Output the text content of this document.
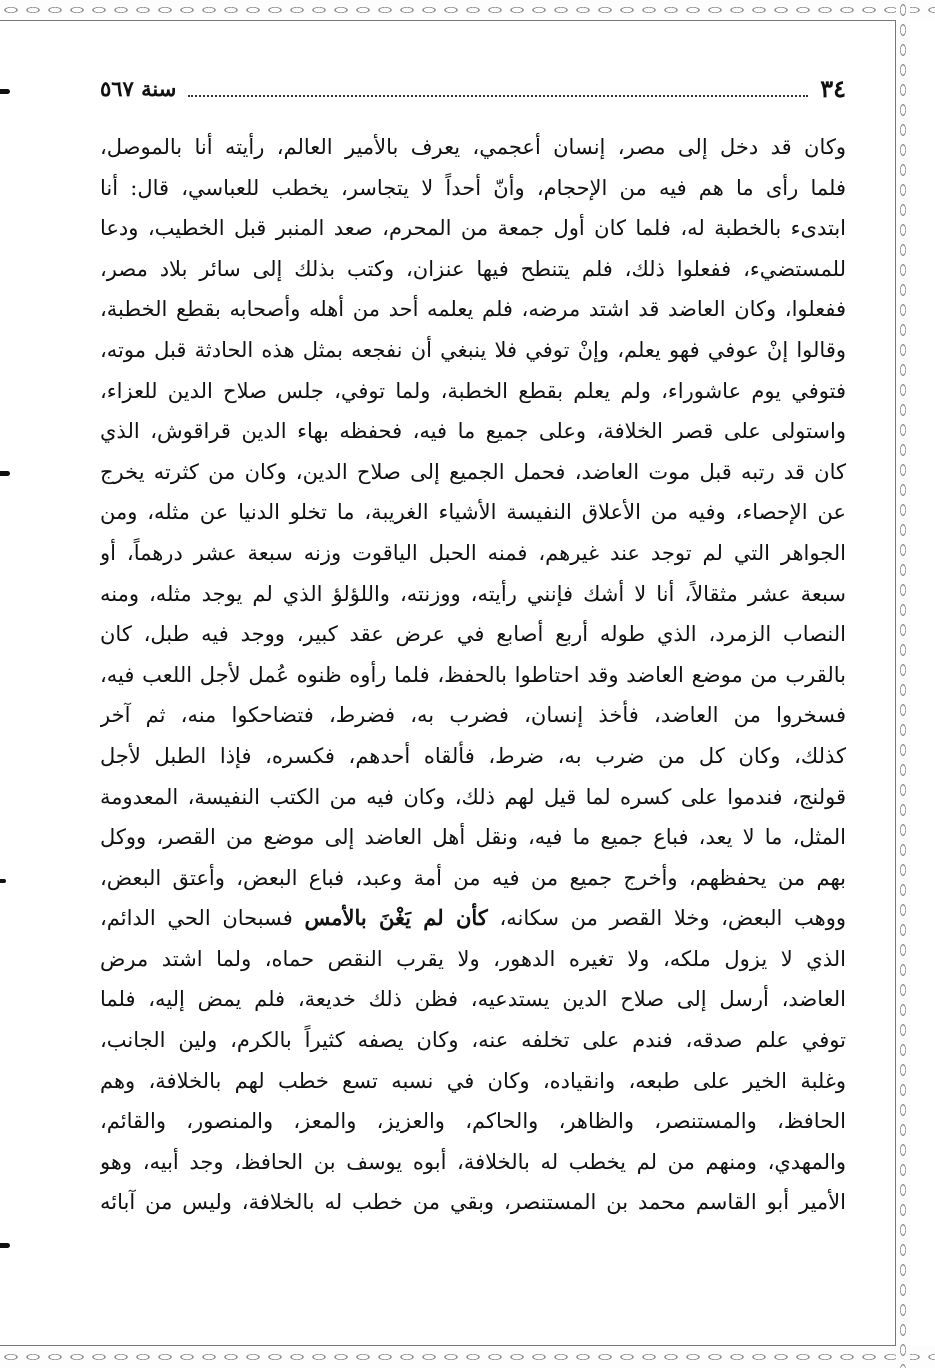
٣٤
سنة ٥٦٧
وكان قد دخل إلى مصر، إنسان أعجمي، يعرف بالأمير العالم، رأيته أنا بالموصل،
فلما رأى ما هم فيه من الإحجام، وأنّ أحداً لا يتجاسر، يخطب للعباسي، قال: أنا
ابتدىء بالخطبة له، فلما كان أول جمعة من المحرم، صعد المنبر قبل الخطيب، ودعا
للمستضيء، ففعلوا ذلك، فلم يتنطح فيها عنزان، وكتب بذلك إلى سائر بلاد مصر،
ففعلوا، وكان العاضد قد اشتد مرضه، فلم يعلمه أحد من أهله وأصحابه بقطع الخطبة،
وقالوا إنْ عوفي فهو يعلم، وإنْ توفي فلا ينبغي أن نفجعه بمثل هذه الحادثة قبل موته،
فتوفي يوم عاشوراء، ولم يعلم بقطع الخطبة، ولما توفي، جلس صلاح الدين للعزاء،
واستولى على قصر الخلافة، وعلى جميع ما فيه، فحفظه بهاء الدين قراقوش، الذي
كان قد رتبه قبل موت العاضد، فحمل الجميع إلى صلاح الدين، وكان من كثرته يخرج
عن الإحصاء، وفيه من الأعلاق النفيسة الأشياء الغريبة، ما تخلو الدنيا عن مثله، ومن
الجواهر التي لم توجد عند غيرهم، فمنه الحبل الياقوت وزنه سبعة عشر درهماً، أو
سبعة عشر مثقالاً، أنا لا أشك فإنني رأيته، ووزنته، واللؤلؤ الذي لم يوجد مثله، ومنه
النصاب الزمرد، الذي طوله أربع أصابع في عرض عقد كبير، ووجد فيه طبل، كان
بالقرب من موضع العاضد وقد احتاطوا بالحفظ، فلما رأوه ظنوه عُمل لأجل اللعب فيه،
فسخروا من العاضد، فأخذ إنسان، فضرب به، فضرط، فتضاحكوا منه، ثم آخر
كذلك، وكان كل من ضرب به، ضرط، فألقاه أحدهم، فكسره، فإذا الطبل لأجل
قولنج، فندموا على كسره لما قيل لهم ذلك، وكان فيه من الكتب النفيسة، المعدومة
المثل، ما لا يعد، فباع جميع ما فيه، ونقل أهل العاضد إلى موضع من القصر، ووكل
بهم من يحفظهم، وأخرج جميع من فيه من أمة وعبد، فباع البعض، وأعتق البعض،
ووهب البعض، وخلا القصر من سكانه، كأن لم يَغْنَ بالأمس فسبحان الحي الدائم،
الذي لا يزول ملكه، ولا تغيره الدهور، ولا يقرب النقص حماه، ولما اشتد مرض
العاضد، أرسل إلى صلاح الدين يستدعيه، فظن ذلك خديعة، فلم يمض إليه، فلما
توفي علم صدقه، فندم على تخلفه عنه، وكان يصفه كثيراً بالكرم، ولين الجانب،
وغلبة الخير على طبعه، وانقياده، وكان في نسبه تسع خطب لهم بالخلافة، وهم
الحافظ، والمستنصر، والظاهر، والحاكم، والعزيز، والمعز، والمنصور، والقائم،
والمهدي، ومنهم من لم يخطب له بالخلافة، أبوه يوسف بن الحافظ، وجد أبيه، وهو
الأمير أبو القاسم محمد بن المستنصر، وبقي من خطب له بالخلافة، وليس من آبائه
